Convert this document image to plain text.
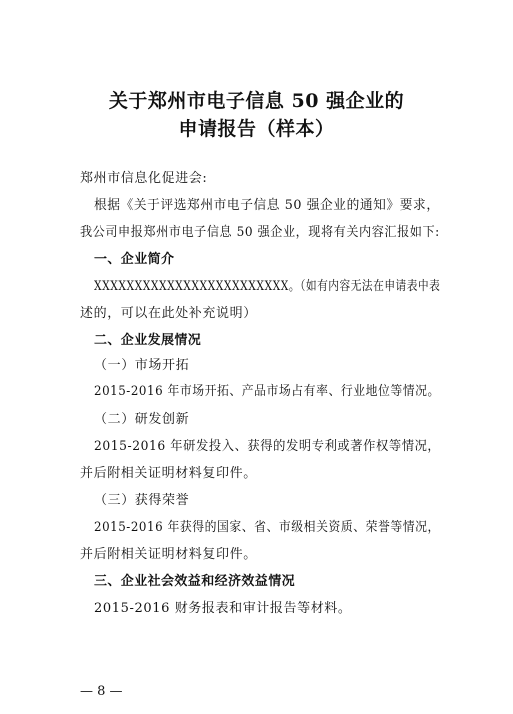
关于郑州市电子信息 50 强企业的
申请报告（样本）
郑州市信息化促进会:
根据《关于评选郑州市电子信息 50 强企业的通知》要求，
我公司申报郑州市电子信息 50 强企业，现将有关内容汇报如下:
一、企业简介
XXXXXXXXXXXXXXXXXXXXXXXX。（如有内容无法在申请表中表
述的，可以在此处补充说明）
二、企业发展情况
（一）市场开拓
2015-2016 年市场开拓、产品市场占有率、行业地位等情况。
（二）研发创新
2015-2016 年研发投入、获得的发明专利或著作权等情况，
并后附相关证明材料复印件。
（三）获得荣誉
2015-2016 年获得的国家、省、市级相关资质、荣誉等情况，
并后附相关证明材料复印件。
三、企业社会效益和经济效益情况
2015-2016 财务报表和审计报告等材料。
— 8 —
